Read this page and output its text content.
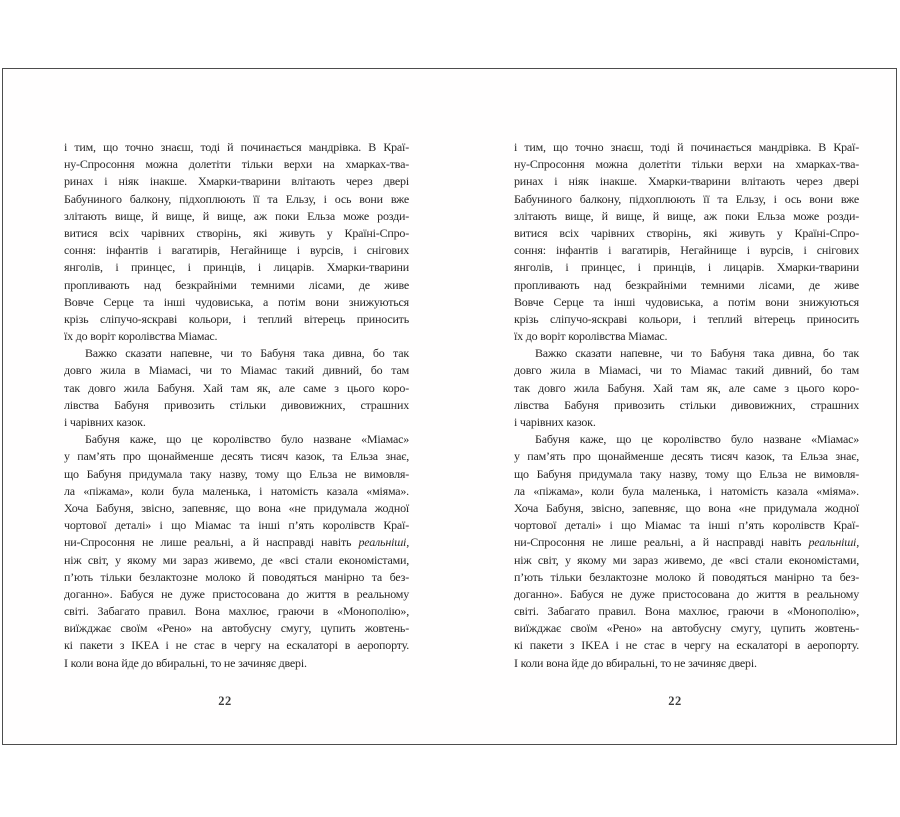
і тим, що точно знаєш, тоді й починається мандрівка. В Краї-
ну-Спросоння можна долетіти тільки верхи на хмарках-тва-
ринах і ніяк інакше. Хмарки-тварини влітають через двері
Бабуниного балкону, підхоплюють її та Ельзу, і ось вони вже
злітають вище, й вище, й вище, аж поки Ельза може розди-
витися всіх чарівних створінь, які живуть у Країні-Спро-
соння: інфантів і вагатирів, Негайнище і вурсів, і снігових
янголів, і принцес, і принців, і лицарів. Хмарки-тварини
пропливають над безкрайніми темними лісами, де живе
Вовче Серце та інші чудовиська, а потім вони знижуються
крізь сліпучо-яскраві кольори, і теплий вітерець приносить
їх до воріт королівства Міамас.
Важко сказати напевне, чи то Бабуня така дивна, бо так
довго жила в Міамасі, чи то Міамас такий дивний, бо там
так довго жила Бабуня. Хай там як, але саме з цього коро-
лівства Бабуня привозить стільки дивовижних, страшних
і чарівних казок.
Бабуня каже, що це королівство було назване «Міамас»
у пам’ять про щонайменше десять тисяч казок, та Ельза знає,
що Бабуня придумала таку назву, тому що Ельза не вимовля-
ла «піжама», коли була маленька, і натомість казала «міяма».
Хоча Бабуня, звісно, запевняє, що вона «не придумала жодної
чортової деталі» і що Міамас та інші п’ять королівств Краї-
ни-Спросоння не лише реальні, а й насправді навіть реальніші,
ніж світ, у якому ми зараз живемо, де «всі стали економістами,
п’ють тільки безлактозне молоко й поводяться манірно та без-
доганно». Бабуся не дуже пристосована до життя в реальному
світі. Забагато правил. Вона махлює, граючи в «Монополію»,
виїжджає своїм «Рено» на автобусну смугу, цупить жовтень-
кі пакети з IKEA і не стає в чергу на ескалаторі в аеропорту.
І коли вона йде до вбиральні, то не зачиняє двері.
і тим, що точно знаєш, тоді й починається мандрівка. В Краї-
ну-Спросоння можна долетіти тільки верхи на хмарках-тва-
ринах і ніяк інакше. Хмарки-тварини влітають через двері
Бабуниного балкону, підхоплюють її та Ельзу, і ось вони вже
злітають вище, й вище, й вище, аж поки Ельза може розди-
витися всіх чарівних створінь, які живуть у Країні-Спро-
соння: інфантів і вагатирів, Негайнище і вурсів, і снігових
янголів, і принцес, і принців, і лицарів. Хмарки-тварини
пропливають над безкрайніми темними лісами, де живе
Вовче Серце та інші чудовиська, а потім вони знижуються
крізь сліпучо-яскраві кольори, і теплий вітерець приносить
їх до воріт королівства Міамас.
Важко сказати напевне, чи то Бабуня така дивна, бо так
довго жила в Міамасі, чи то Міамас такий дивний, бо там
так довго жила Бабуня. Хай там як, але саме з цього коро-
лівства Бабуня привозить стільки дивовижних, страшних
і чарівних казок.
Бабуня каже, що це королівство було назване «Міамас»
у пам’ять про щонайменше десять тисяч казок, та Ельза знає,
що Бабуня придумала таку назву, тому що Ельза не вимовля-
ла «піжама», коли була маленька, і натомість казала «міяма».
Хоча Бабуня, звісно, запевняє, що вона «не придумала жодної
чортової деталі» і що Міамас та інші п’ять королівств Краї-
ни-Спросоння не лише реальні, а й насправді навіть реальніші,
ніж світ, у якому ми зараз живемо, де «всі стали економістами,
п’ють тільки безлактозне молоко й поводяться манірно та без-
доганно». Бабуся не дуже пристосована до життя в реальному
світі. Забагато правил. Вона махлює, граючи в «Монополію»,
виїжджає своїм «Рено» на автобусну смугу, цупить жовтень-
кі пакети з IKEA і не стає в чергу на ескалаторі в аеропорту.
І коли вона йде до вбиральні, то не зачиняє двері.
22	22
